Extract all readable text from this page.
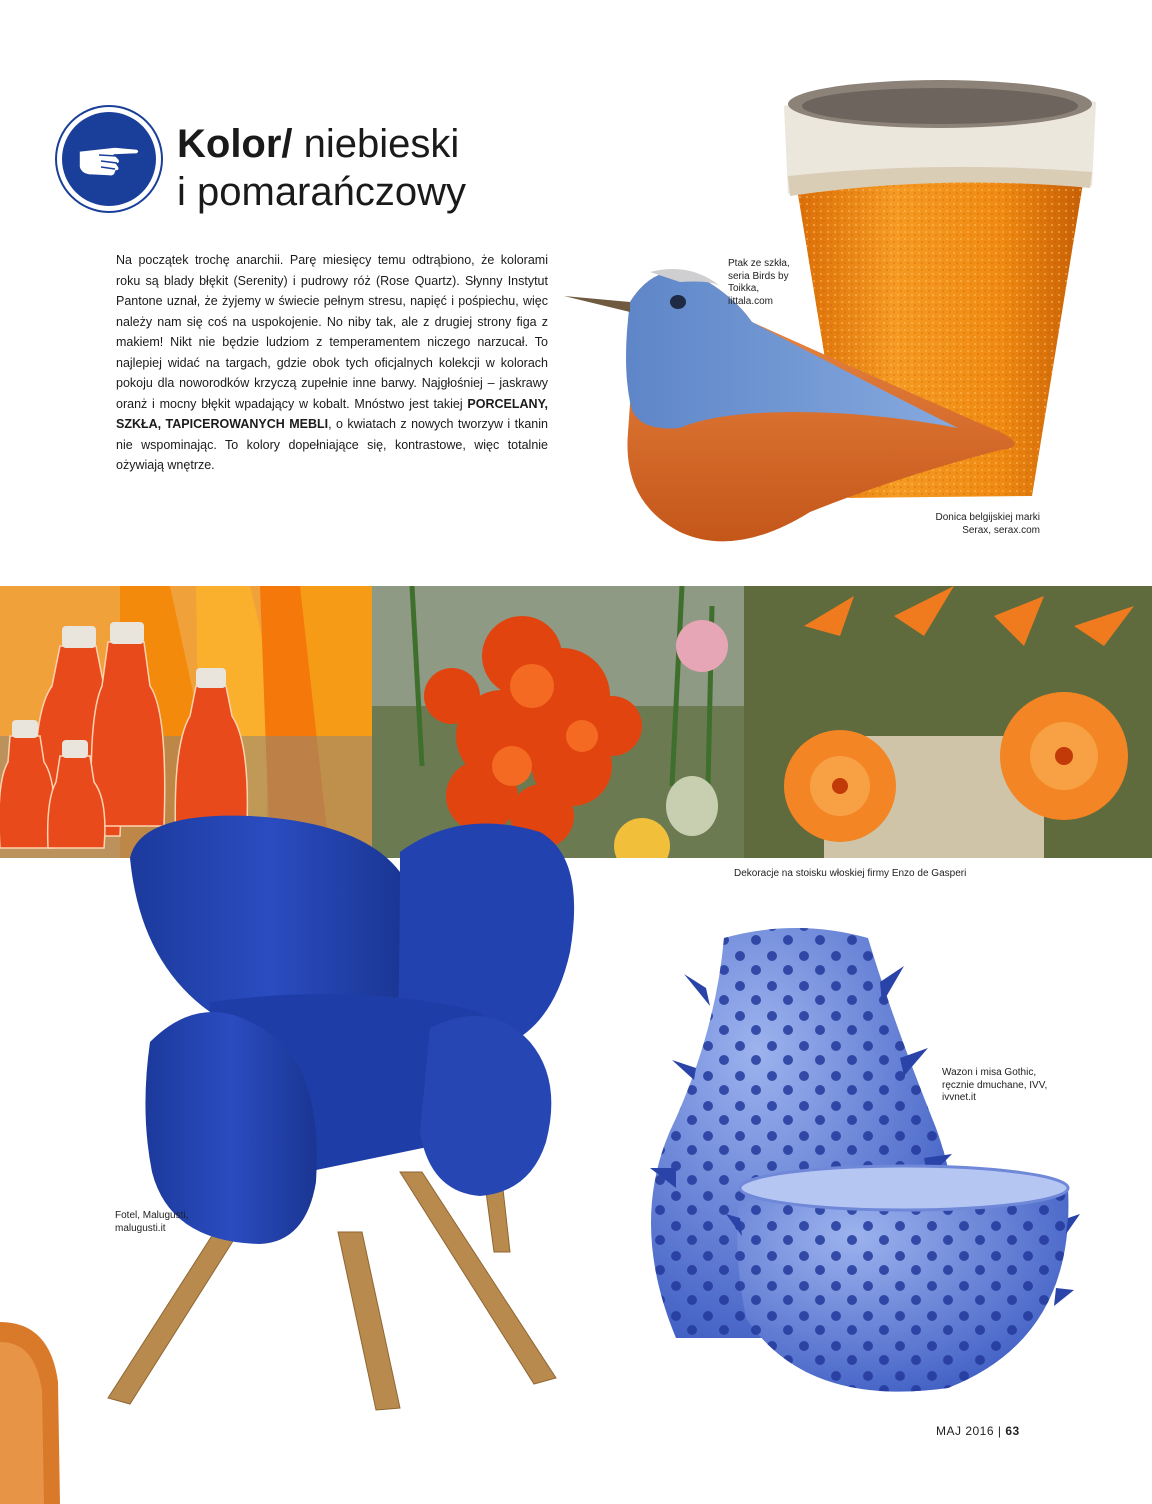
Kolor/ niebieski
i pomarańczowy
Na początek trochę anarchii. Parę miesięcy temu odtrąbiono, że kolorami roku są blady błękit (Serenity) i pudrowy róż (Rose Quartz). Słynny Instytut Pantone uznał, że żyjemy w świecie pełnym stresu, napięć i pośpiechu, więc należy nam się coś na uspokojenie. No niby tak, ale z drugiej strony figa z makiem! Nikt nie będzie ludziom z temperamentem niczego narzucał. To najlepiej widać na targach, gdzie obok tych oficjalnych kolekcji w kolorach pokoju dla noworodków krzyczą zupełnie inne barwy. Najgłośniej – jaskrawy oranż i mocny błękit wpadający w kobalt. Mnóstwo jest takiej PORCELANY, SZKŁA, TAPICEROWANYCH MEBLI, o kwiatach z nowych tworzyw i tkanin nie wspominając. To kolory dopełniające się, kontrastowe, więc totalnie ożywiają wnętrze.
Ptak ze szkła, seria Birds by Toikka, iittala.com
Donica belgijskiej marki Serax, serax.com
Dekoracje na stoisku włoskiej firmy Enzo de Gasperi
Fotel, Malugusti, malugusti.it
Wazon i misa Gothic, ręcznie dmuchane, IVV, ivvnet.it
MAJ 2016 | 63
